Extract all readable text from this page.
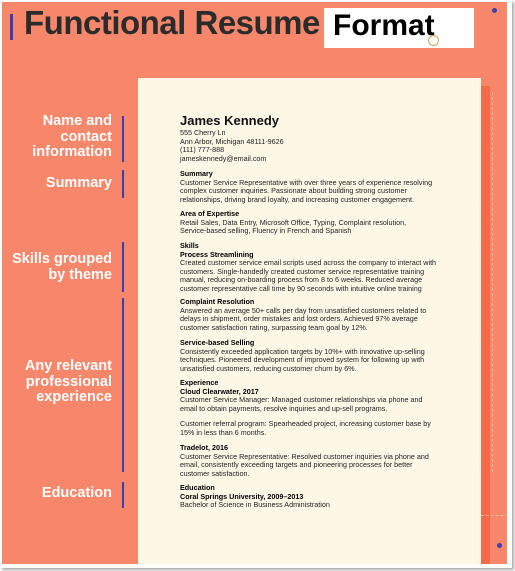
Functional Resume Format
Name and
contact
information
Summary
Skills grouped
by theme
Any relevant
professional
experience
Education
James Kennedy
555 Cherry Ln
Ann Arbor, Michigan 48111-9626
(111) 777-888
jameskennedy@email.com
Summary
Customer Service Representative with over three years of experience resolving
complex customer inquiries. Passionate about building strong customer
relationships, driving brand loyalty, and increasing customer engagement.
Area of Expertise
Retail Sales, Data Entry, Microsoft Office, Typing, Complaint resolution,
Service-based selling, Fluency in French and Spanish
Skills
Process Streamlining
Created customer service email scripts used across the company to interact with
customers. Single-handedly created customer service representative training
manual, reducing on-boarding process from 8 to 6 weeks. Reduced average
customer representative call time by 90 seconds with intuitive online training
Complaint Resolution
Answered an average 50+ calls per day from unsatisfied customers related to
delays in shipment, order mistakes and lost orders. Achieved 97% average
customer satisfaction rating, surpassing team goal by 12%.
Service-based Selling
Consistently exceeded application targets by 10%+ with innovative up-selling
techniques. Pioneered development of improved system for following up with
unsatisfied customers, reducing customer churn by 6%.
Experience
Cloud Clearwater, 2017
Customer Service Manager: Managed customer relationships via phone and
email to obtain payments, resolve inquiries and up-sell programs.
Customer referral program: Spearheaded project, increasing customer base by
15% in less than 6 months.
Tradelot, 2016
Customer Service Representative: Resolved customer inquiries via phone and
email, consistently exceeding targets and pioneering processes for better
customer satisfaction.
Education
Coral Springs University, 2009–2013
Bachelor of Science in Business Administration
